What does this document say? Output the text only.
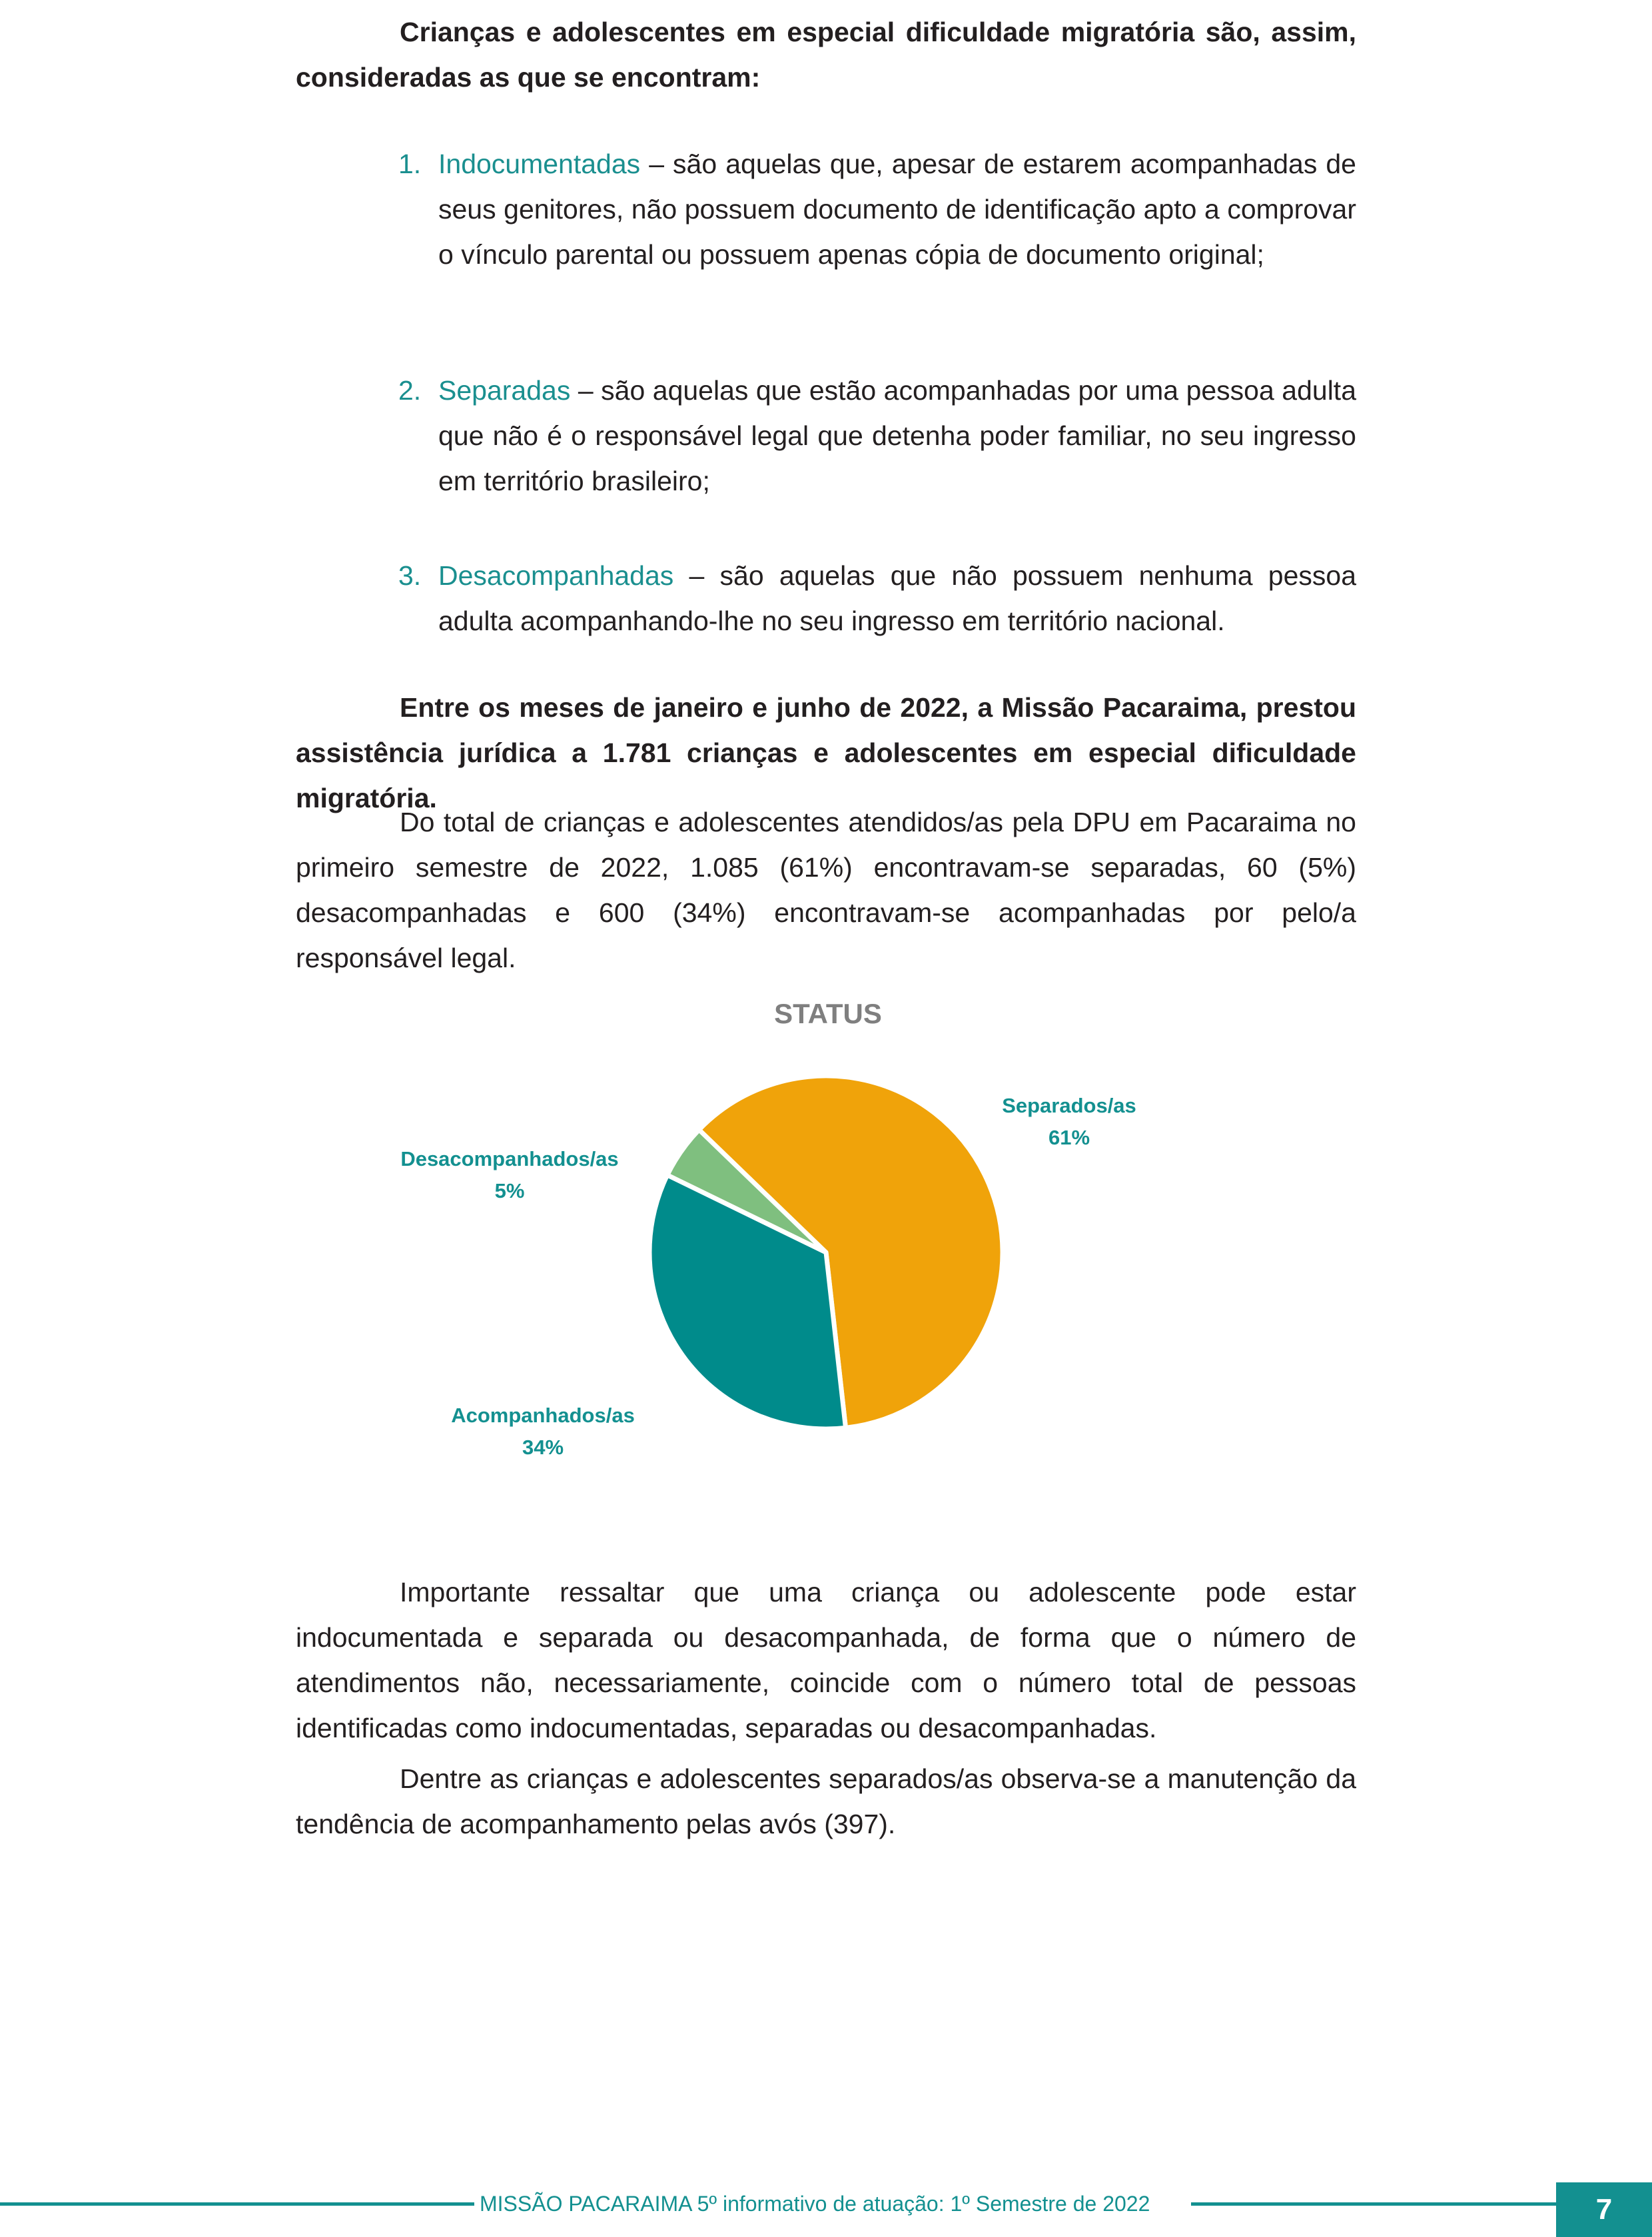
Crianças e adolescentes em especial dificuldade migratória são, assim, consideradas as que se encontram:

1. Indocumentadas – são aquelas que, apesar de estarem acompanhadas de seus genitores, não possuem documento de identificação apto a comprovar o vínculo parental ou possuem apenas cópia de documento original;
2. Separadas – são aquelas que estão acompanhadas por uma pessoa adulta que não é o responsável legal que detenha poder familiar, no seu ingresso em território brasileiro;
3. Desacompanhadas – são aquelas que não possuem nenhuma pessoa adulta acompanhando-lhe no seu ingresso em território nacional.

Entre os meses de janeiro e junho de 2022, a Missão Pacaraima, prestou assistência jurídica a 1.781 crianças e adolescentes em especial dificuldade migratória.

Do total de crianças e adolescentes atendidos/as pela DPU em Pacaraima no primeiro semestre de 2022, 1.085 (61%) encontravam-se separadas, 60 (5%) desacompanhadas e 600 (34%) encontravam-se acompanhadas por pelo/a responsável legal.

STATUS
Separados/as
61%
Acompanhados/as
34%
Desacompanhados/as
5%

Importante ressaltar que uma criança ou adolescente pode estar indocumentada e separada ou desacompanhada, de forma que o número de atendimentos não, necessariamente, coincide com o número total de pessoas identificadas como indocumentadas, separadas ou desacompanhadas.

Dentre as crianças e adolescentes separados/as observa-se a manutenção da tendência de acompanhamento pelas avós (397).

MISSÃO PACARAIMA 5º informativo de atuação: 1º Semestre de 2022	7
